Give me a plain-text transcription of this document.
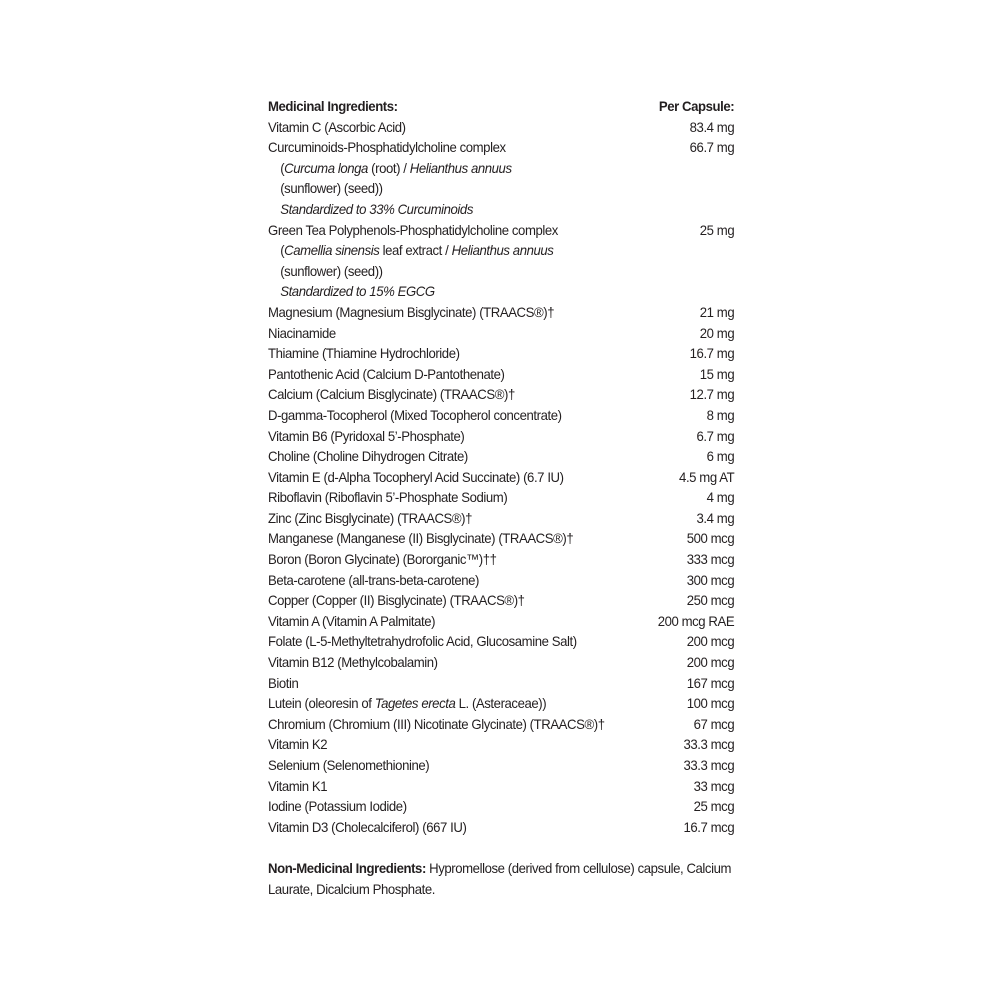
Medicinal Ingredients:	Per Capsule:
Vitamin C (Ascorbic Acid)	83.4 mg
Curcuminoids-Phosphatidylcholine complex	66.7 mg
(Curcuma longa (root) / Helianthus annuus
(sunflower) (seed))
Standardized to 33% Curcuminoids
Green Tea Polyphenols-Phosphatidylcholine complex	25 mg
(Camellia sinensis leaf extract / Helianthus annuus
(sunflower) (seed))
Standardized to 15% EGCG
Magnesium (Magnesium Bisglycinate) (TRAACS®)†	21 mg
Niacinamide	20 mg
Thiamine (Thiamine Hydrochloride)	16.7 mg
Pantothenic Acid (Calcium D-Pantothenate)	15 mg
Calcium (Calcium Bisglycinate) (TRAACS®)†	12.7 mg
D-gamma-Tocopherol (Mixed Tocopherol concentrate)	8 mg
Vitamin B6 (Pyridoxal 5’-Phosphate)	6.7 mg
Choline (Choline Dihydrogen Citrate)	6 mg
Vitamin E (d-Alpha Tocopheryl Acid Succinate) (6.7 IU)	4.5 mg AT
Riboflavin (Riboflavin 5’-Phosphate Sodium)	4 mg
Zinc (Zinc Bisglycinate) (TRAACS®)†	3.4 mg
Manganese (Manganese (II) Bisglycinate) (TRAACS®)†	500 mcg
Boron (Boron Glycinate) (Bororganic™)††	333 mcg
Beta-carotene (all-trans-beta-carotene)	300 mcg
Copper (Copper (II) Bisglycinate) (TRAACS®)†	250 mcg
Vitamin A (Vitamin A Palmitate)	200 mcg RAE
Folate (L-5-Methyltetrahydrofolic Acid, Glucosamine Salt)	200 mcg
Vitamin B12 (Methylcobalamin)	200 mcg
Biotin	167 mcg
Lutein (oleoresin of Tagetes erecta L. (Asteraceae))	100 mcg
Chromium (Chromium (III) Nicotinate Glycinate) (TRAACS®)†	67 mcg
Vitamin K2	33.3 mcg
Selenium (Selenomethionine)	33.3 mcg
Vitamin K1	33 mcg
Iodine (Potassium Iodide)	25 mcg
Vitamin D3 (Cholecalciferol) (667 IU)	16.7 mcg
Non-Medicinal Ingredients: Hypromellose (derived from cellulose) capsule, Calcium Laurate, Dicalcium Phosphate.
